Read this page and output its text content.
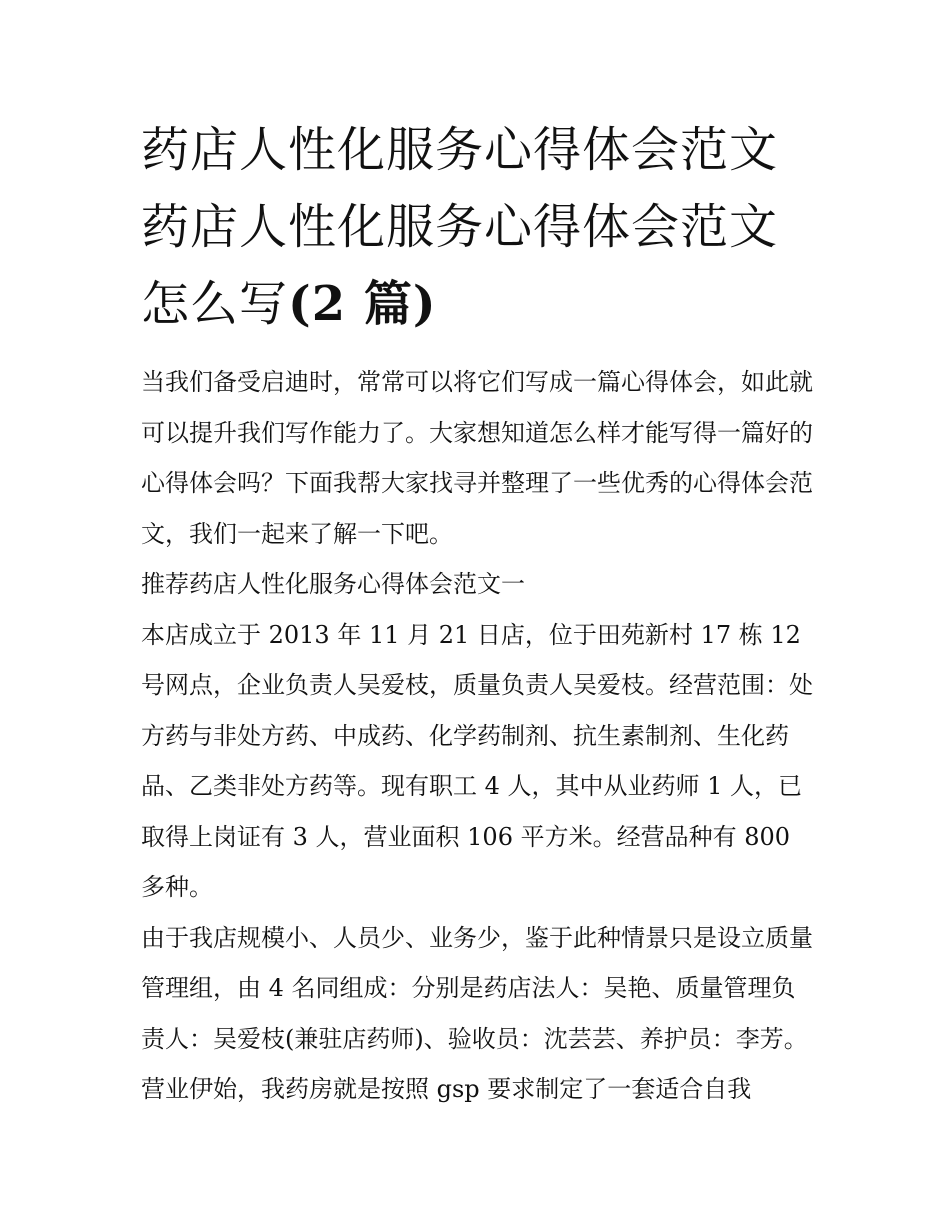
药店人性化服务心得体会范文
药店人性化服务心得体会范文
怎么写(2 篇)

当我们备受启迪时，常常可以将它们写成一篇心得体会，如此就可以提升我们写作能力了。大家想知道怎么样才能写得一篇好的心得体会吗？下面我帮大家找寻并整理了一些优秀的心得体会范文，我们一起来了解一下吧。

推荐药店人性化服务心得体会范文一

本店成立于 2013 年 11 月 21 日店，位于田苑新村 17 栋 12 号网点，企业负责人吴爱枝，质量负责人吴爱枝。经营范围：处方药与非处方药、中成药、化学药制剂、抗生素制剂、生化药品、乙类非处方药等。现有职工 4 人，其中从业药师 1 人，已取得上岗证有 3 人，营业面积 106 平方米。经营品种有 800 多种。

由于我店规模小、人员少、业务少，鉴于此种情景只是设立质量管理组，由 4 名同组成：分别是药店法人：吴艳、质量管理负责人：吴爱枝(兼驻店药师)、验收员：沈芸芸、养护员：李芳。营业伊始，我药房就是按照 gsp 要求制定了一套适合自我
